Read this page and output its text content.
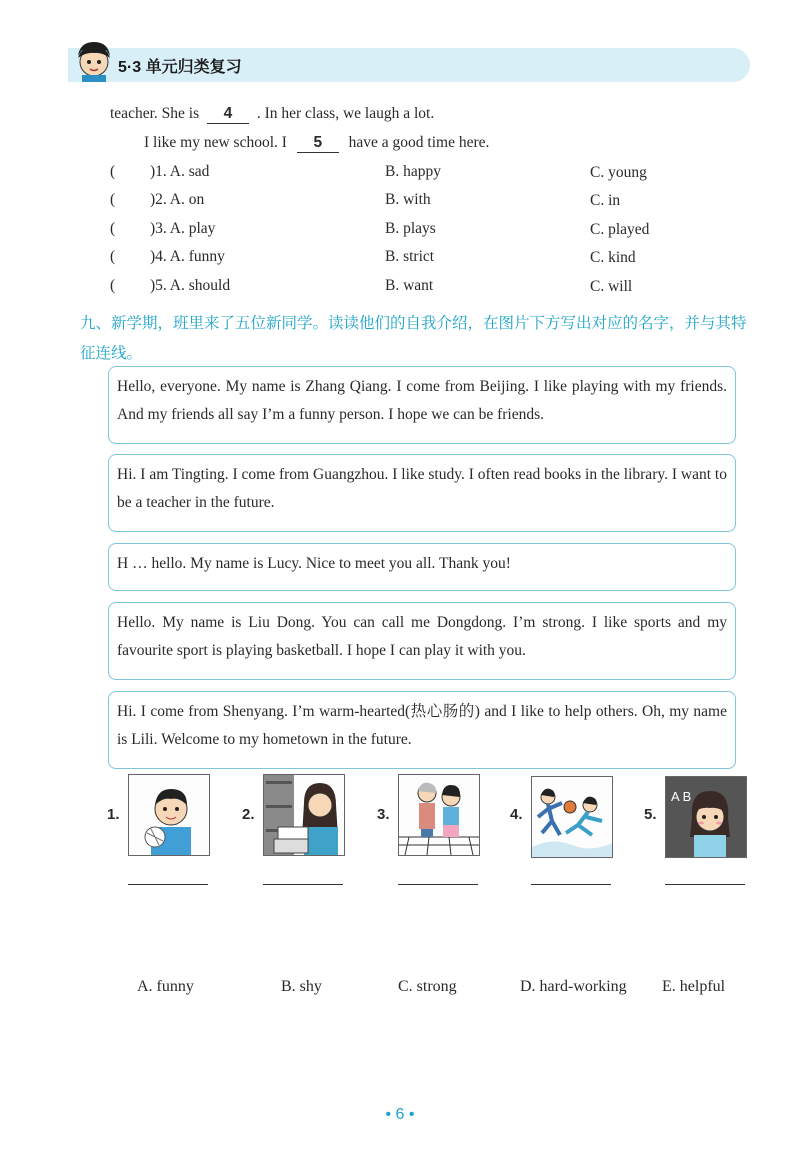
5·3 单元归类复习
teacher. She is 4 . In her class, we laugh a lot.
I like my new school. I 5 have a good time here.
( )1. A. sad	B. happy	C. young
( )2. A. on	B. with	C. in
( )3. A. play	B. plays	C. played
( )4. A. funny	B. strict	C. kind
( )5. A. should	B. want	C. will
九、新学期，班里来了五位新同学。读读他们的自我介绍，在图片下方写出对应的名字，并与其特征连线。
Hello, everyone. My name is Zhang Qiang. I come from Beijing. I like playing with my friends. And my friends all say I’m a funny person. I hope we can be friends.
Hi. I am Tingting. I come from Guangzhou. I like study. I often read books in the library. I want to be a teacher in the future.
H … hello. My name is Lucy. Nice to meet you all. Thank you!
Hello. My name is Liu Dong. You can call me Dongdong. I’m strong. I like sports and my favourite sport is playing basketball. I hope I can play it with you.
Hi. I come from Shenyang. I’m warm-hearted(热心肠的) and I like to help others. Oh, my name is Lili. Welcome to my hometown in the future.
1.	2.	3.	4.	5.
A B
A. funny	B. shy	C. strong	D. hard-working E. helpful
• 6 •
